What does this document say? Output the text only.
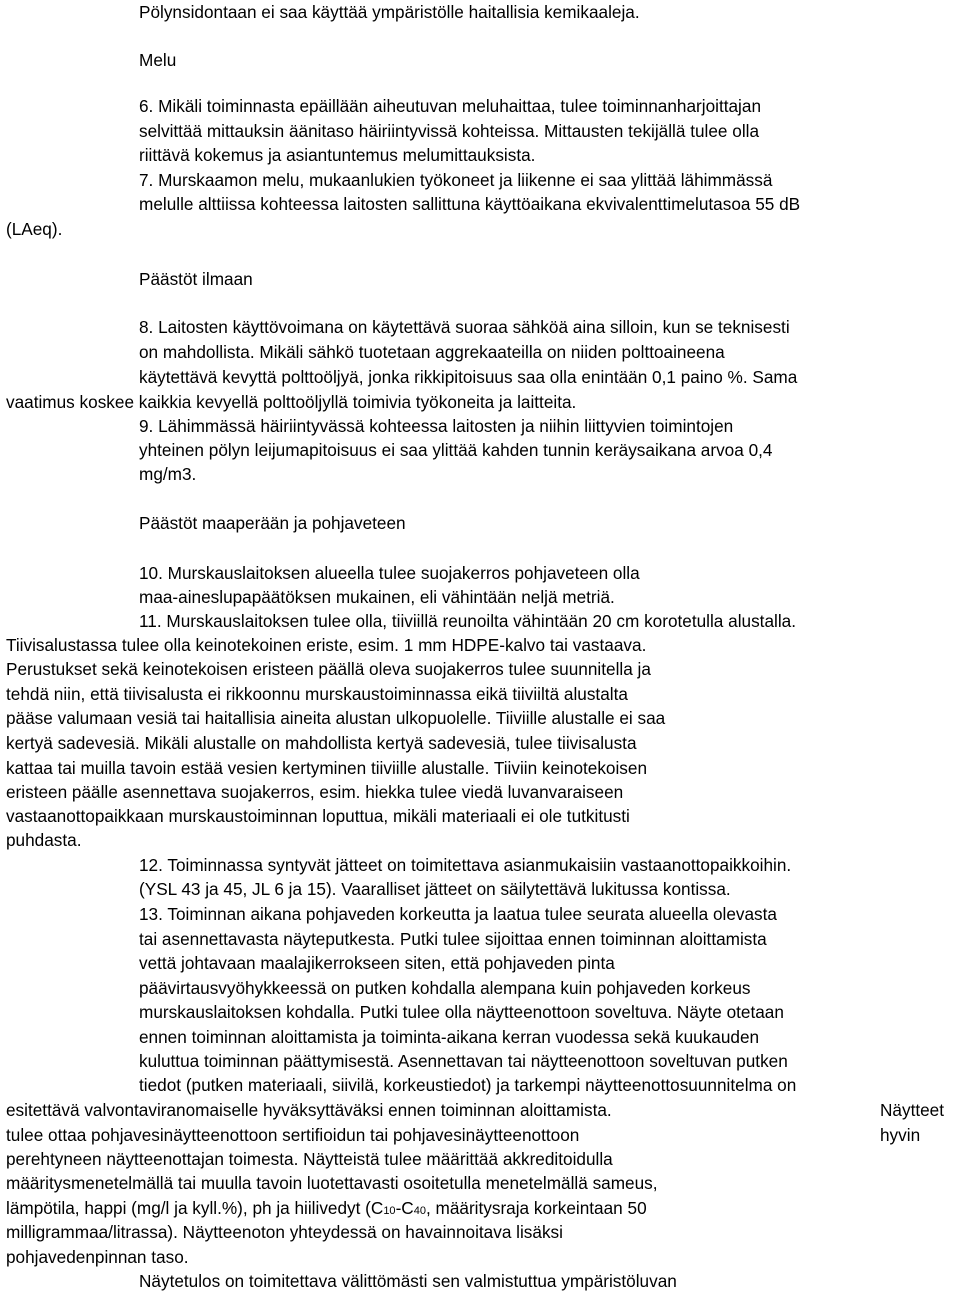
Pölynsidontaan ei saa käyttää ympäristölle haitallisia kemikaaleja.
Melu
6. Mikäli toiminnasta epäillään aiheutuvan meluhaittaa, tulee toiminnanharjoittajan
selvittää mittauksin äänitaso häiriintyvissä kohteissa. Mittausten tekijällä tulee olla
riittävä kokemus ja asiantuntemus melumittauksista.
7. Murskaamon melu, mukaanlukien työkoneet ja liikenne ei saa ylittää lähimmässä
melulle alttiissa kohteessa laitosten sallittuna käyttöaikana ekvivalenttimelutasoa 55 dB
(LAeq).
Päästöt ilmaan
8. Laitosten käyttövoimana on käytettävä suoraa sähköä aina silloin, kun se teknisesti
on mahdollista. Mikäli sähkö tuotetaan aggrekaateilla on niiden polttoaineena
käytettävä kevyttä polttoöljyä, jonka rikkipitoisuus saa olla enintään 0,1 paino %. Sama
vaatimus koskee kaikkia kevyellä polttoöljyllä toimivia työkoneita ja laitteita.
9. Lähimmässä häiriintyvässä kohteessa laitosten ja niihin liittyvien toimintojen
yhteinen pölyn leijumapitoisuus ei saa ylittää kahden tunnin keräysaikana arvoa 0,4
mg/m3.
Päästöt maaperään ja pohjaveteen
10. Murskauslaitoksen alueella tulee suojakerros pohjaveteen olla
maa-aineslupapäätöksen mukainen, eli vähintään neljä metriä.
11. Murskauslaitoksen tulee olla, tiiviillä reunoilta vähintään 20 cm korotetulla alustalla.
Tiivisalustassa tulee olla keinotekoinen eriste, esim. 1 mm HDPE-kalvo tai vastaava.
Perustukset sekä keinotekoisen eristeen päällä oleva suojakerros tulee suunnitella ja
tehdä niin, että tiivisalusta ei rikkoonnu murskaustoiminnassa eikä tiiviiltä alustalta
pääse valumaan vesiä tai haitallisia aineita alustan ulkopuolelle. Tiiviille alustalle ei saa
kertyä sadevesiä. Mikäli alustalle on mahdollista kertyä sadevesiä, tulee tiivisalusta
kattaa tai muilla tavoin estää vesien kertyminen tiiviille alustalle. Tiiviin keinotekoisen
eristeen päälle asennettava suojakerros, esim. hiekka tulee viedä luvanvaraiseen
vastaanottopaikkaan murskaustoiminnan loputtua, mikäli materiaali ei ole tutkitusti
puhdasta.
12. Toiminnassa syntyvät jätteet on toimitettava asianmukaisiin vastaanottopaikkoihin.
(YSL 43 ja 45, JL 6 ja 15). Vaaralliset jätteet on säilytettävä lukitussa kontissa.
13. Toiminnan aikana pohjaveden korkeutta ja laatua tulee seurata alueella olevasta
tai asennettavasta näyteputkesta. Putki tulee sijoittaa ennen toiminnan aloittamista
vettä johtavaan maalajikerrokseen siten, että pohjaveden pinta
päävirtausvyöhykkeessä on putken kohdalla alempana kuin pohjaveden korkeus
murskauslaitoksen kohdalla. Putki tulee olla näytteenottoon soveltuva. Näyte otetaan
ennen toiminnan aloittamista ja toiminta-aikana kerran vuodessa sekä kuukauden
kuluttua toiminnan päättymisestä. Asennettavan tai näytteenottoon soveltuvan putken
tiedot (putken materiaali, siivilä, korkeustiedot) ja tarkempi näytteenottosuunnitelma on
esitettävä valvontaviranomaiselle hyväksyttäväksi ennen toiminnan aloittamista.	Näytteet
tulee ottaa pohjavesinäytteenottoon sertifioidun tai pohjavesinäytteenottoon	hyvin
perehtyneen näytteenottajan toimesta. Näytteistä tulee määrittää akkreditoidulla
määritysmenetelmällä tai muulla tavoin luotettavasti osoitetulla menetelmällä sameus,
lämpötila, happi (mg/l ja kyll.%), ph ja hiilivedyt (C10-C40, määritysraja korkeintaan 50
milligrammaa/litrassa). Näytteenoton yhteydessä on havainnoitava lisäksi
pohjavedenpinnan taso.
Näytetulos on toimitettava välittömästi sen valmistuttua ympäristöluvan
